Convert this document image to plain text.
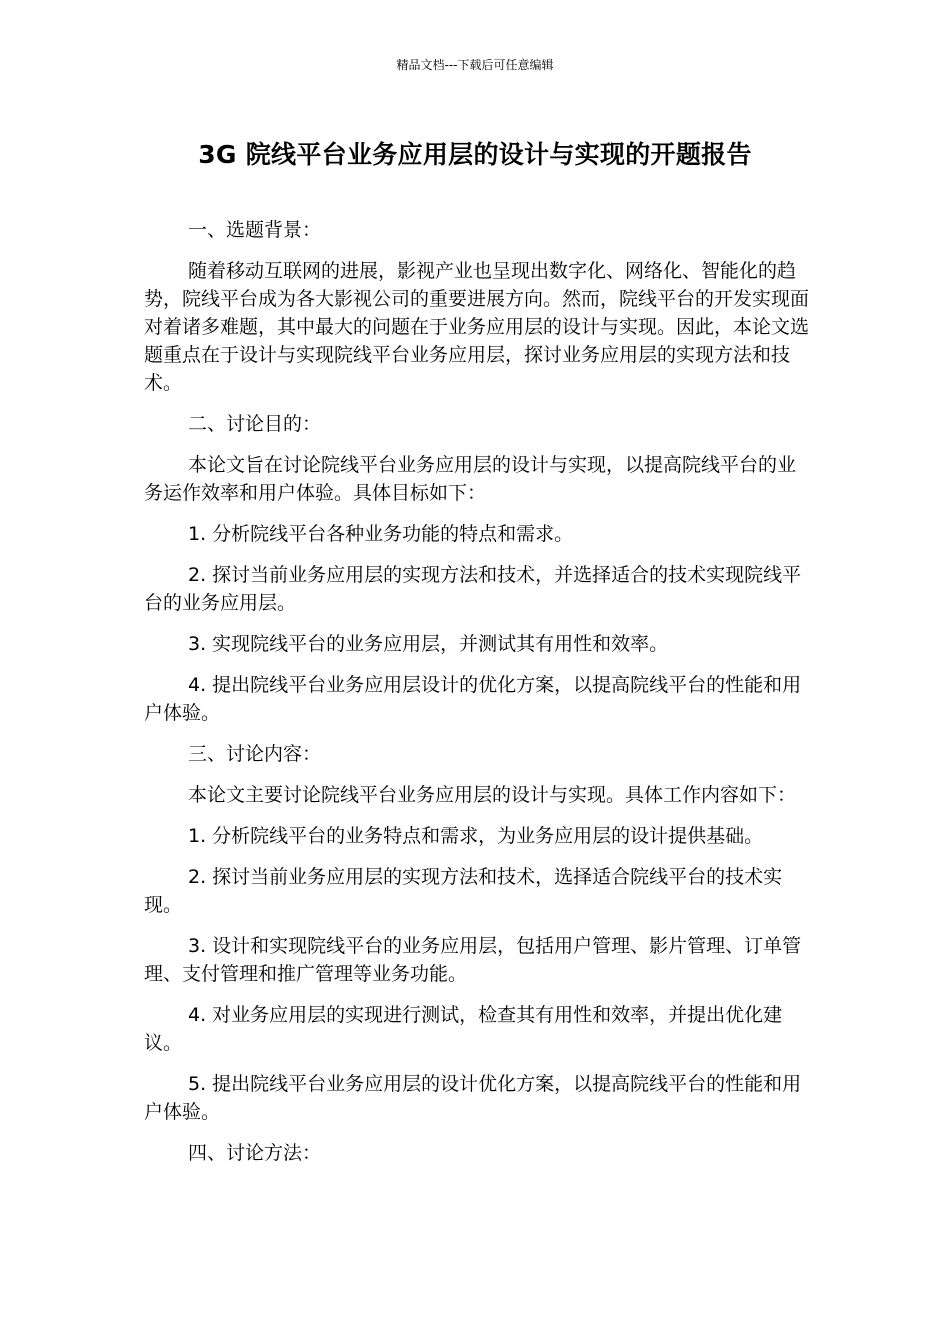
精品文档---下载后可任意编辑
3G 院线平台业务应用层的设计与实现的开题报告

一、选题背景：

随着移动互联网的进展，影视产业也呈现出数字化、网络化、智能化的趋势，院线平台成为各大影视公司的重要进展方向。然而，院线平台的开发实现面对着诸多难题，其中最大的问题在于业务应用层的设计与实现。因此，本论文选题重点在于设计与实现院线平台业务应用层，探讨业务应用层的实现方法和技术。

二、讨论目的：

本论文旨在讨论院线平台业务应用层的设计与实现，以提高院线平台的业务运作效率和用户体验。具体目标如下：

1. 分析院线平台各种业务功能的特点和需求。

2. 探讨当前业务应用层的实现方法和技术，并选择适合的技术实现院线平台的业务应用层。

3. 实现院线平台的业务应用层，并测试其有用性和效率。

4. 提出院线平台业务应用层设计的优化方案，以提高院线平台的性能和用户体验。

三、讨论内容：

本论文主要讨论院线平台业务应用层的设计与实现。具体工作内容如下：

1. 分析院线平台的业务特点和需求，为业务应用层的设计提供基础。

2. 探讨当前业务应用层的实现方法和技术，选择适合院线平台的技术实现。

3. 设计和实现院线平台的业务应用层，包括用户管理、影片管理、订单管理、支付管理和推广管理等业务功能。

4. 对业务应用层的实现进行测试，检查其有用性和效率，并提出优化建议。

5. 提出院线平台业务应用层的设计优化方案，以提高院线平台的性能和用户体验。

四、讨论方法：
